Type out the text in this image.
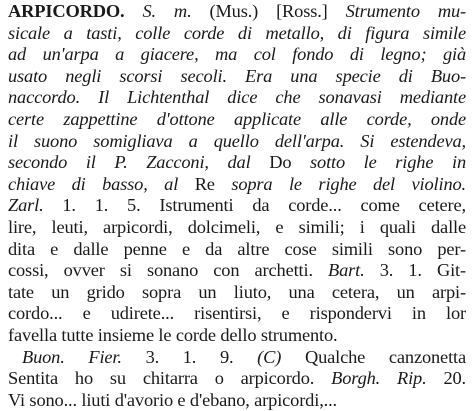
ARPICORDO. S. m. (Mus.) [Ross.] Strumento mu-
sicale a tasti, colle corde di metallo, di figura simile
ad un'arpa a giacere, ma col fondo di legno; già
usato negli scorsi secoli. Era una specie di Buo-
naccordo. Il Lichtenthal dice che sonavasi mediante
certe zappettine d'ottone applicate alle corde, onde
il suono somigliava a quello dell'arpa. Si estendeva,
secondo il P. Zacconi, dal Do sotto le righe in
chiave di basso, al Re sopra le righe del violino.
Zarl. 1. 1. 5. Istrumenti da corde... come cetere,
lire, leuti, arpicordi, dolcimeli, e simili; i quali dalle
dita e dalle penne e da altre cose simili sono per-
cossi, ovver si sonano con archetti. Bart. 3. 1. Git-
tate un grido sopra un liuto, una cetera, un arpi-
cordo... e udirete... risentirsi, e rispondervi in lor
favella tutte insieme le corde dello strumento.
Buon. Fier. 3. 1. 9. (C) Qualche canzonetta
Sentita ho su chitarra o arpicordo. Borgh. Rip. 20.
Vi sono... liuti d'avorio e d'ebano, arpicordi,...
